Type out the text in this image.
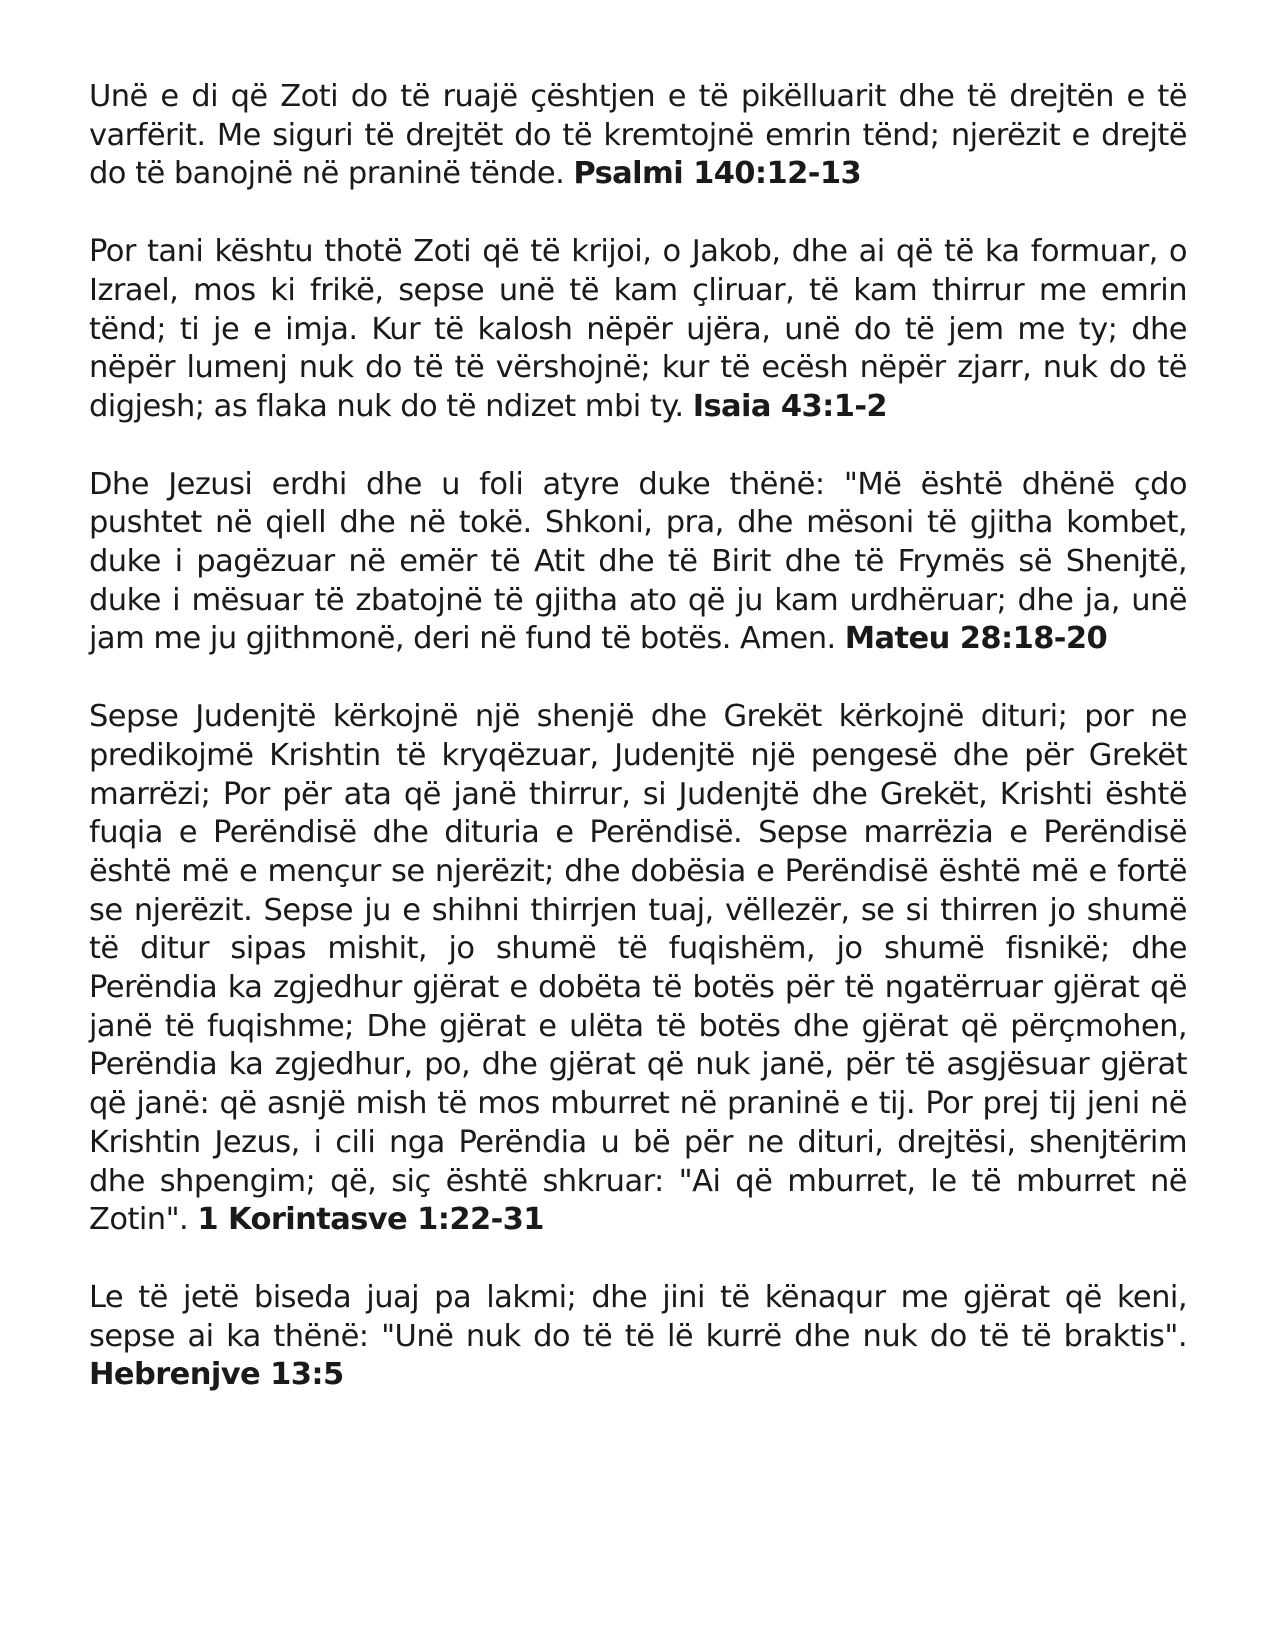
Unë e di që Zoti do të ruajë çështjen e të pikëlluarit dhe të drejtën e të varfërit. Me siguri të drejtët do të kremtojnë emrin tënd; njerëzit e drejtë do të banojnë në praninë tënde. Psalmi 140:12-13

Por tani kështu thotë Zoti që të krijoi, o Jakob, dhe ai që të ka formuar, o Izrael, mos ki frikë, sepse unë të kam çliruar, të kam thirrur me emrin tënd; ti je e imja. Kur të kalosh nëpër ujëra, unë do të jem me ty; dhe nëpër lumenj nuk do të të vërshojnë; kur të ecësh nëpër zjarr, nuk do të digjesh; as flaka nuk do të ndizet mbi ty. Isaia 43:1-2

Dhe Jezusi erdhi dhe u foli atyre duke thënë: "Më është dhënë çdo pushtet në qiell dhe në tokë. Shkoni, pra, dhe mësoni të gjitha kombet, duke i pagëzuar në emër të Atit dhe të Birit dhe të Frymës së Shenjtë, duke i mësuar të zbatojnë të gjitha ato që ju kam urdhëruar; dhe ja, unë jam me ju gjithmonë, deri në fund të botës. Amen. Mateu 28:18-20

Sepse Judenjtë kërkojnë një shenjë dhe Grekët kërkojnë dituri; por ne predikojmë Krishtin të kryqëzuar, Judenjtë një pengesë dhe për Grekët marrëzi; Por për ata që janë thirrur, si Judenjtë dhe Grekët, Krishti është fuqia e Perëndisë dhe dituria e Perëndisë. Sepse marrëzia e Perëndisë është më e mençur se njerëzit; dhe dobësia e Perëndisë është më e fortë se njerëzit. Sepse ju e shihni thirrjen tuaj, vëllezër, se si thirren jo shumë të ditur sipas mishit, jo shumë të fuqishëm, jo shumë fisnikë; dhe Perëndia ka zgjedhur gjërat e dobëta të botës për të ngatërruar gjërat që janë të fuqishme; Dhe gjërat e ulëta të botës dhe gjërat që përçmohen, Perëndia ka zgjedhur, po, dhe gjërat që nuk janë, për të asgjësuar gjërat që janë: që asnjë mish të mos mburret në praninë e tij. Por prej tij jeni në Krishtin Jezus, i cili nga Perëndia u bë për ne dituri, drejtësi, shenjtërim dhe shpengim; që, siç është shkruar: "Ai që mburret, le të mburret në Zotin". 1 Korintasve 1:22-31

Le të jetë biseda juaj pa lakmi; dhe jini të kënaqur me gjërat që keni, sepse ai ka thënë: "Unë nuk do të të lë kurrë dhe nuk do të të braktis". Hebrenjve 13:5
